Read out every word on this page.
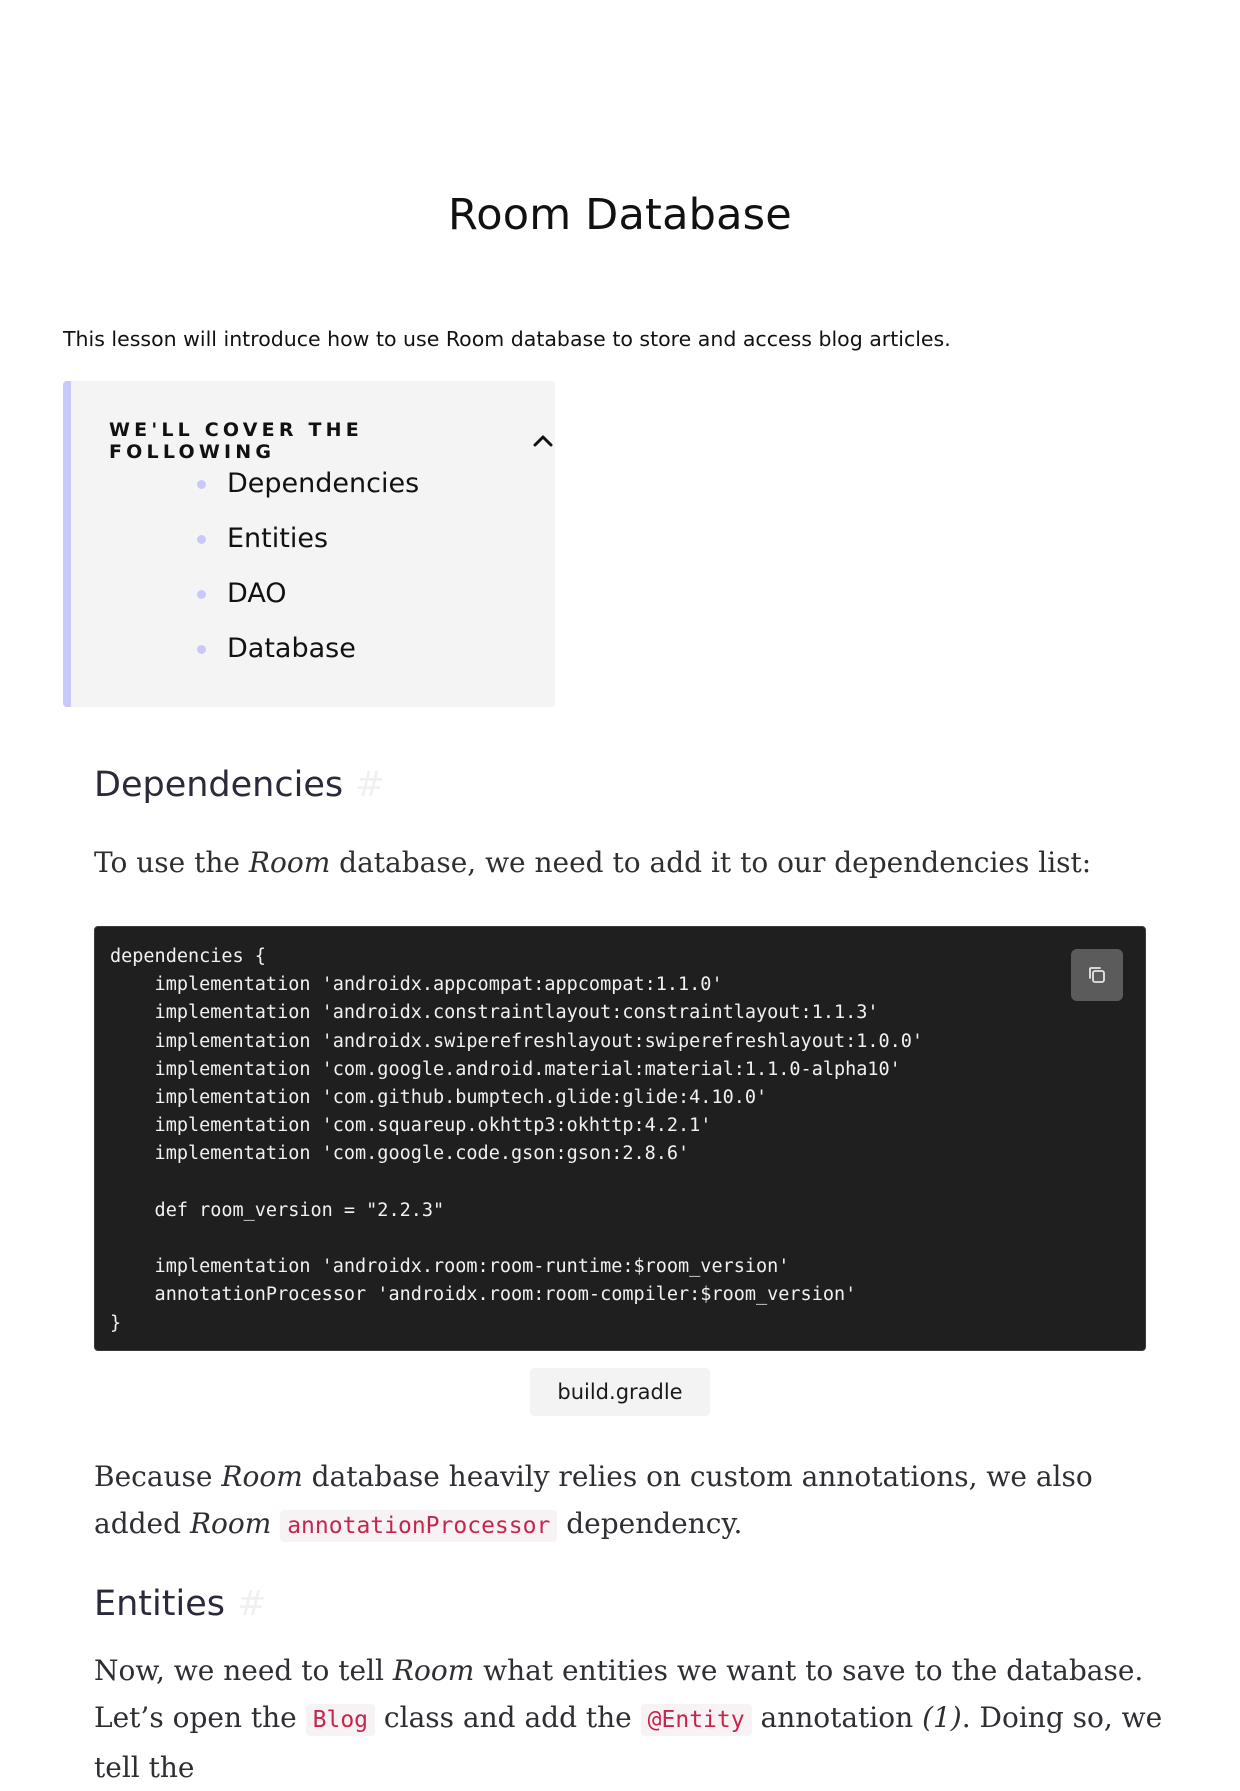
Room Database

This lesson will introduce how to use Room database to store and access blog articles.

WE'LL COVER THE FOLLOWING
Dependencies
Entities
DAO
Database
Dependencies #

To use the Room database, we need to add it to our dependencies list:

dependencies {
implementation 'androidx.appcompat:appcompat:1.1.0'
implementation 'androidx.constraintlayout:constraintlayout:1.1.3'
implementation 'androidx.swiperefreshlayout:swiperefreshlayout:1.0.0'
implementation 'com.google.android.material:material:1.1.0-alpha10'
implementation 'com.github.bumptech.glide:glide:4.10.0'
implementation 'com.squareup.okhttp3:okhttp:4.2.1'
implementation 'com.google.code.gson:gson:2.8.6'

def room_version = "2.2.3"

implementation 'androidx.room:room-runtime:$room_version'
annotationProcessor 'androidx.room:room-compiler:$room_version'
}
build.gradle

Because Room database heavily relies on custom annotations, we also added Room annotationProcessor dependency.

Entities #

Now, we need to tell Room what entities we want to save to the database. Let’s open the Blog class and add the @Entity annotation (1). Doing so, we tell the
